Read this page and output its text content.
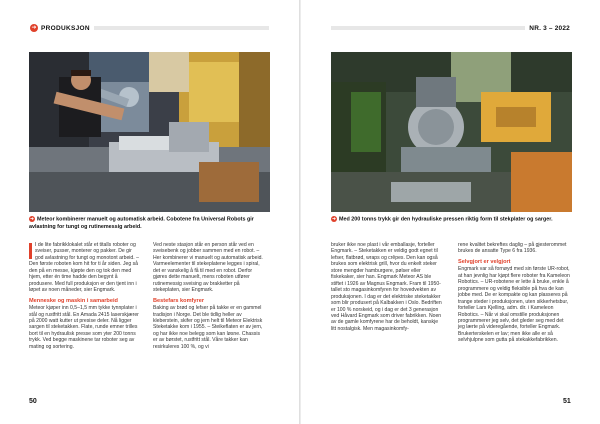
➜ PRODUKSJON
➜ Meteor kombinerer manuelt og automatisk arbeid. Cobotene fra Universal Robots gir avlastning for tungt og rutinemessig arbeid.

I de lite fabrikklokalet står et titalls roboter og sveiser, pusser, monterer og pakker. De gir god avlastning for tungt og monotont arbeid. – Den første roboten kom hit for ti år siden. Jeg så den på en messe, kjøpte den og tok den med hjem, etter én time hadde den begynt å produsere. Med full produksjon er den tjent inn i løpet av noen måneder, sier Engmark.

Menneske og maskin i samarbeid

Meteor kjøper inn 0,5–1,5 mm tykke tynnplater i stål og rustfritt stål. En Amada 2415 laserskjærer på 2000 watt kutter ut presise deler. Nå ligger sargen til steketakken. Flate, runde emner trilles bort til en hydraulisk presse som yter 200 tonns trykk. Ved begge maskinene tar roboter seg av mating og sortering.

Ved neste stasjon står en person står ved en sveisebenk og jobber sammen med en robot. – Her kombinerer vi manuelt og automatisk arbeid. Varmeelementer til stekeplatene legges i spiral, det er vanskelig å få til med en robot. Derfor gjøres dette manuelt, mens roboten utfører rutinemessig sveising av brakketter på stekeplaten, sier Engmark.

Bestefars komfyrer

Baking av brød og lefser på takke er en gammel tradisjon i Norge. Det ble tidlig heller av kleberstein, skifer og jern helt til Meteor Elektrisk Steketakke kom i 1955. – Steikeflaten er av jern, og har ikke noe belegg som kan løsne. Chassis er av børstet, rustfritt stål. Våre takker kan resirkuleres 100 %, og vi

50
NR. 3 – 2022
➜ Med 200 tonns trykk gir den hydrauliske pressen riktig form til stekplater og sarger.

bruker ikke noe plast i vår emballasje, forteller Engmark. – Steketakken er veldig godt egnet til lefser, flatbrød, wraps og crêpes. Den kan også brukes som elektrisk grill, hvor du enkelt steker store mengder hamburgere, pølser eller fiskekaker, sier han. Engmark Meteor AS ble stiftet i 1926 av Magnus Engmark. Fram til 1950-tallet sto magasinkomfyren for hovedvekten av produksjonen. I dag er det elektriske steketakker som blir produsert på Kalbakken i Oslo. Bedriften er 100 % norskeid, og i dag er det 3 generasjon ved Håvard Engmark som driver fabrikken. Noen av de gamle komfyrene har de beholdt, kanskje litt nostalgisk. Men magasinkomfy-

rene kvalitet bekreftes daglig – på gjesterommet brukes de ansatte Type 6 fra 1936.

Selvgjort er velgjort

Engmark var så fornøyd med sin første UR-robot, at han jevnlig har kjøpt flere roboter fra Kameleon Robotics. – UR-robotene er lette å bruke, enkle å programmere og veldig fleksible på hva de kan jobbe med. De er kompakte og kan plasseres på trange steder i produksjonen, uten sikkerhetsbur, forteller Lars Kjelling, adm. dir. i Kameleon Robotics. – Når vi skal omstille produksjonen programmerer jeg selv, det gleder seg med det jeg lærte på videregående, forteller Engmark. Brukerterskelen er lav; men ikke alle er så selvhjulpne som gutta på stekakkefabrikken.

51
